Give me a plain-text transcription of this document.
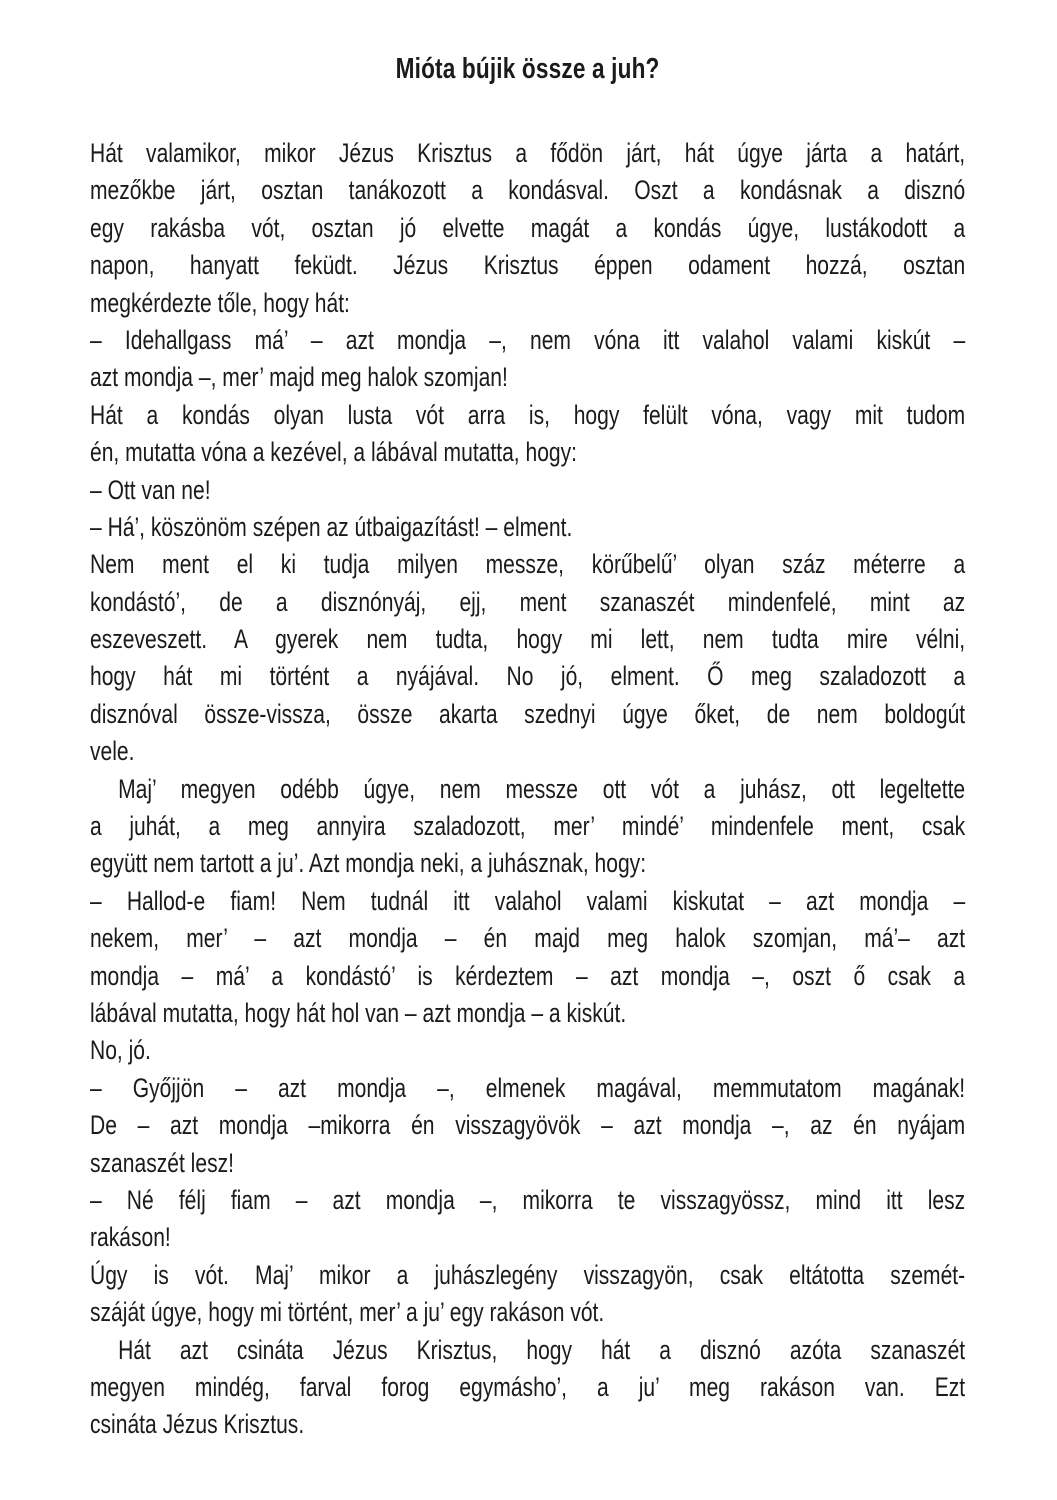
Mióta bújik össze a juh?
Hát valamikor, mikor Jézus Krisztus a fődön járt, hát úgye járta a határt,
mezőkbe járt, osztan tanákozott a kondásval. Oszt a kondásnak a disznó
egy rakásba vót, osztan jó elvette magát a kondás úgye, lustákodott a
napon, hanyatt feküdt. Jézus Krisztus éppen odament hozzá, osztan
megkérdezte tőle, hogy hát:
– Idehallgass má’ – azt mondja –, nem vóna itt valahol valami kiskút –
azt mondja –, mer’ majd meg halok szomjan!
Hát a kondás olyan lusta vót arra is, hogy felült vóna, vagy mit tudom
én, mutatta vóna a kezével, a lábával mutatta, hogy:
– Ott van ne!
– Há’, köszönöm szépen az útbaigazítást! – elment.
Nem ment el ki tudja milyen messze, körűbelű’ olyan száz méterre a
kondástó’, de a disznónyáj, ejj, ment szanaszét mindenfelé, mint az
eszeveszett. A gyerek nem tudta, hogy mi lett, nem tudta mire vélni,
hogy hát mi történt a nyájával. No jó, elment. Ő meg szaladozott a
disznóval össze-vissza, össze akarta szednyi úgye őket, de nem boldogút
vele.
Maj’ megyen odébb úgye, nem messze ott vót a juhász, ott legeltette
a juhát, a meg annyira szaladozott, mer’ mindé’ mindenfele ment, csak
együtt nem tartott a ju’. Azt mondja neki, a juhásznak, hogy:
– Hallod-e fiam! Nem tudnál itt valahol valami kiskutat – azt mondja –
nekem, mer’ – azt mondja – én majd meg halok szomjan, má’– azt
mondja – má’ a kondástó’ is kérdeztem – azt mondja –, oszt ő csak a
lábával mutatta, hogy hát hol van – azt mondja – a kiskút.
No, jó.
– Győjjön – azt mondja –, elmenek magával, memmutatom magának!
De – azt mondja –mikorra én visszagyövök – azt mondja –, az én nyájam
szanaszét lesz!
– Né félj fiam – azt mondja –, mikorra te visszagyössz, mind itt lesz
rakáson!
Úgy is vót. Maj’ mikor a juhászlegény visszagyön, csak eltátotta szemét-
száját úgye, hogy mi történt, mer’ a ju’ egy rakáson vót.
Hát azt csináta Jézus Krisztus, hogy hát a disznó azóta szanaszét
megyen mindég, farval forog egymásho’, a ju’ meg rakáson van. Ezt
csináta Jézus Krisztus.
